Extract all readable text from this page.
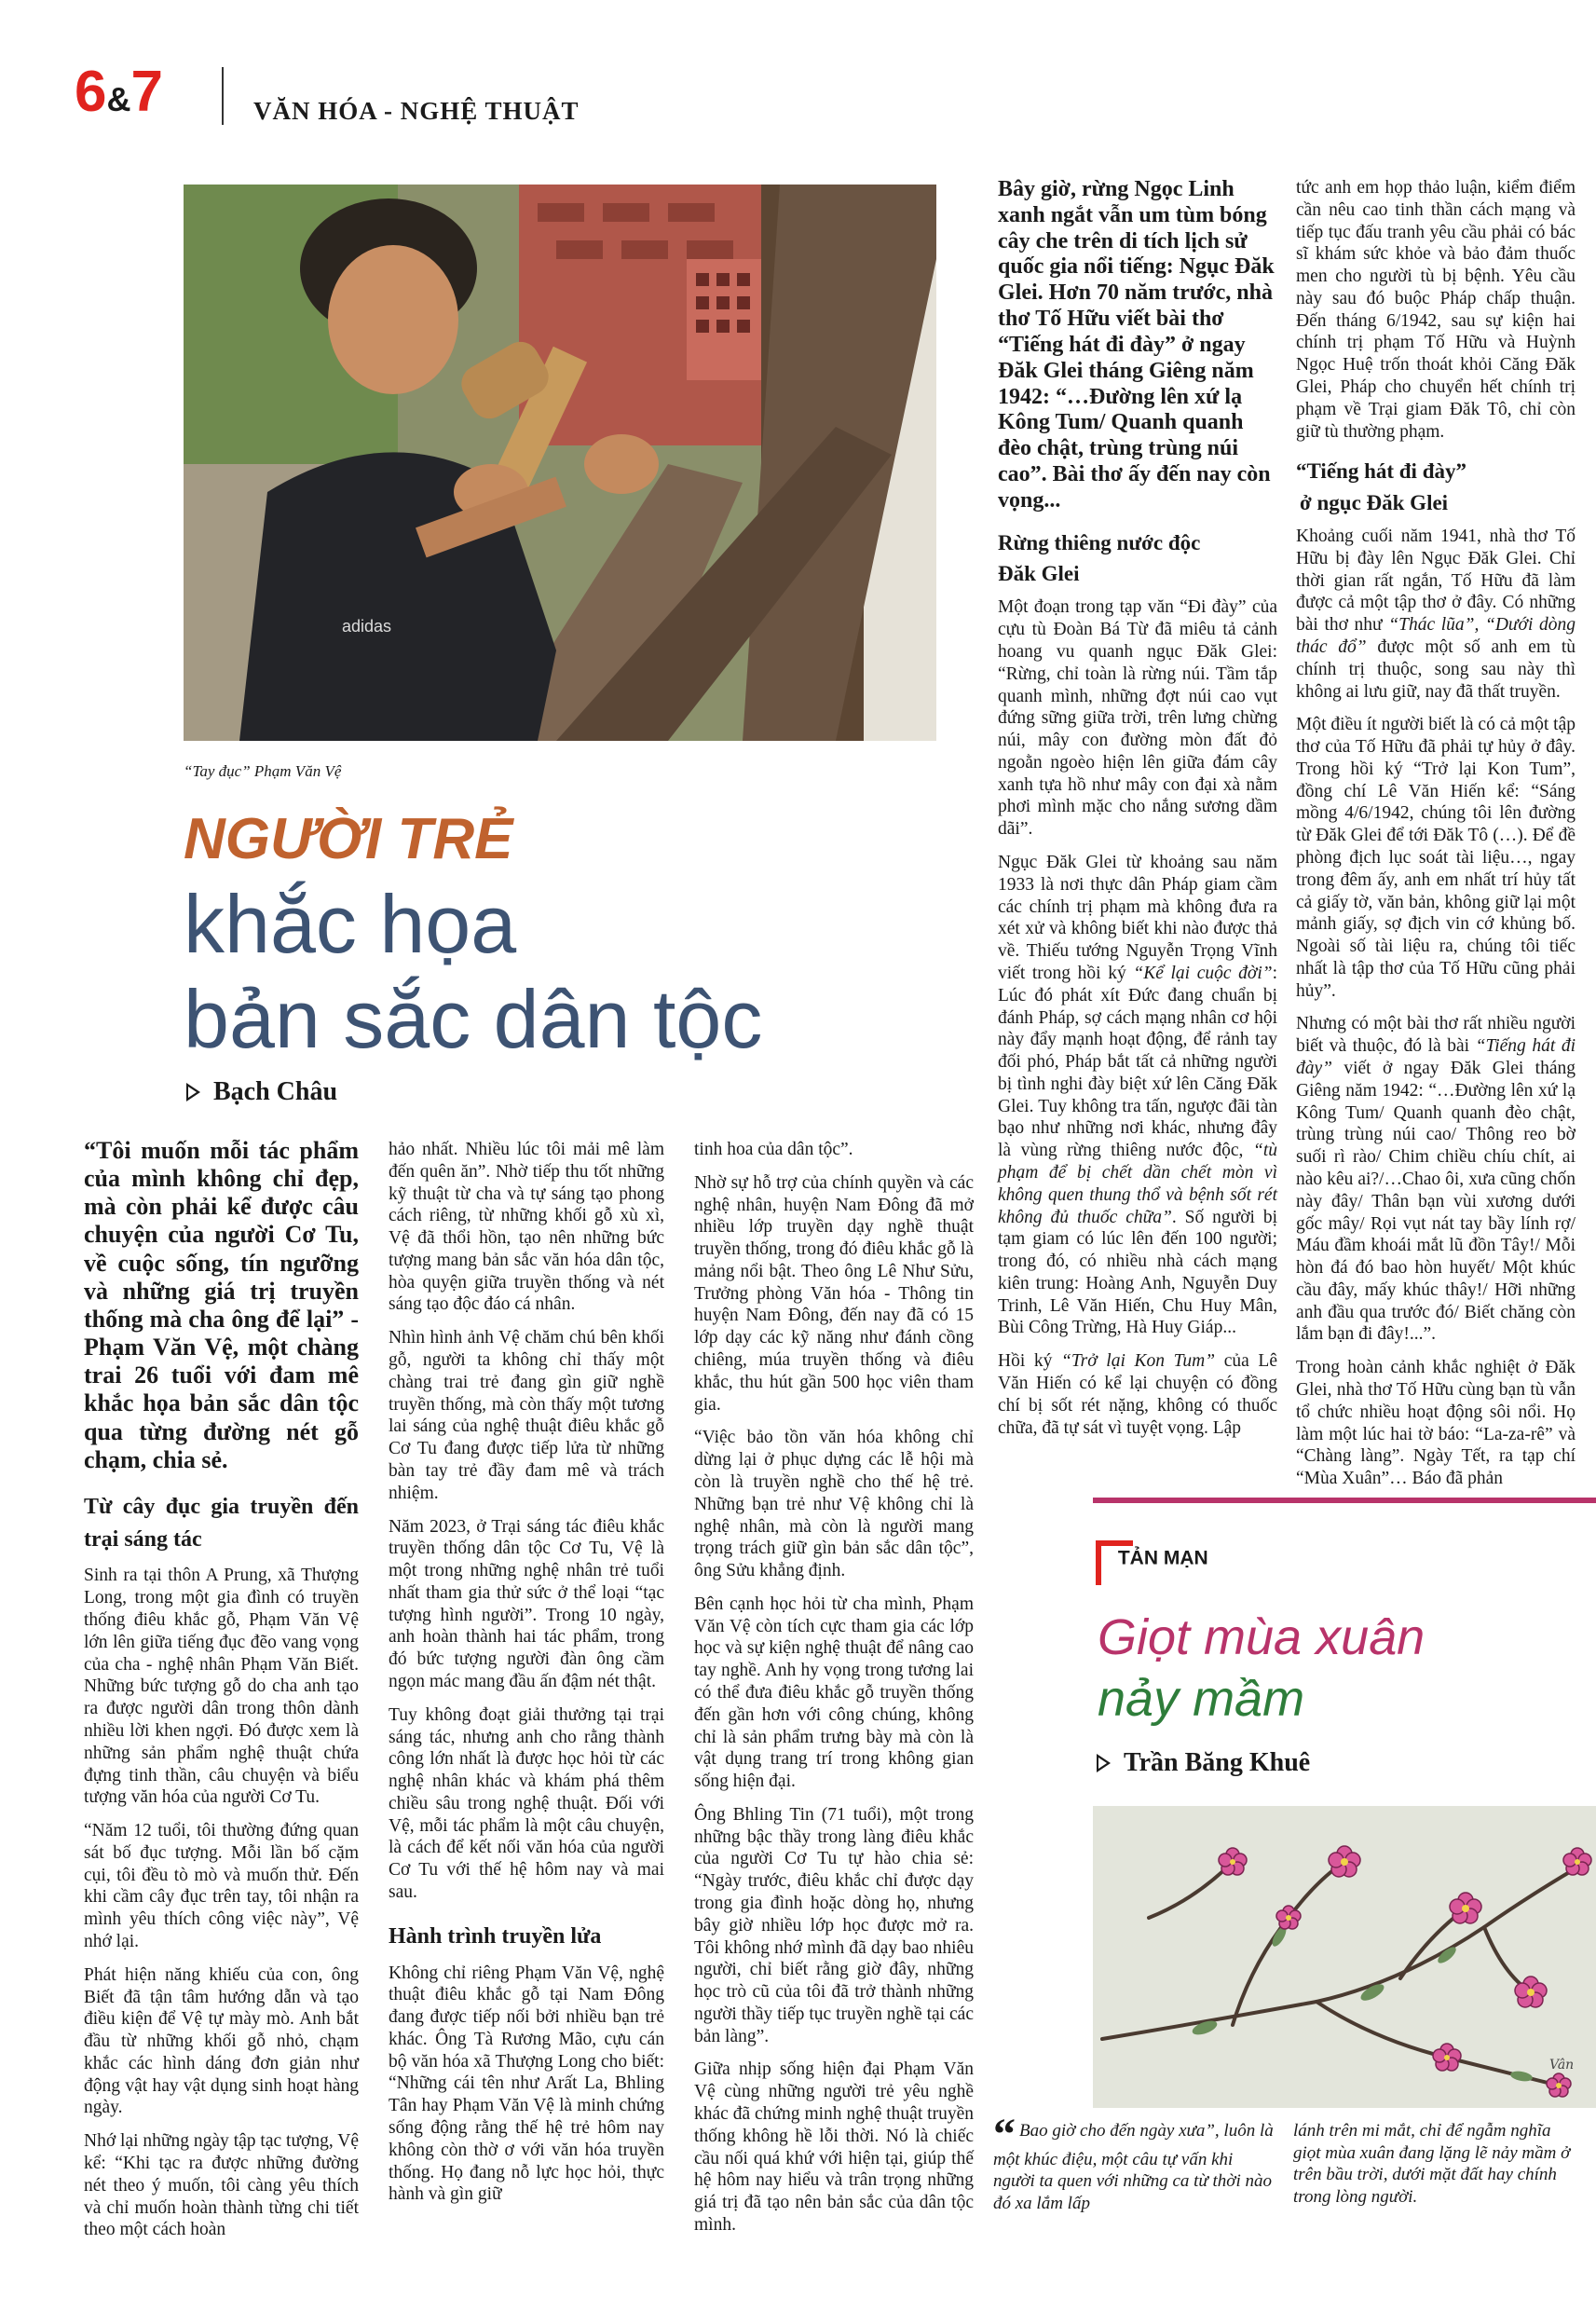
6&7	VĂN HÓA - NGHỆ THUẬT
adidas
“Tay đục” Phạm Văn Vệ
NGƯỜI TRẺ
khắc họa
bản sắc dân tộc
Bạch Châu

“Tôi muốn mỗi tác phẩm của mình không chỉ đẹp, mà còn phải kể được câu chuyện của người Cơ Tu, về cuộc sống, tín ngưỡng và những giá trị truyền thống mà cha ông để lại” - Phạm Văn Vệ, một chàng trai 26 tuổi với đam mê khắc họa bản sắc dân tộc qua từng đường nét gỗ chạm, chia sẻ.

Từ cây đục gia truyền đến trại sáng tác

Sinh ra tại thôn A Prung, xã Thượng Long, trong một gia đình có truyền thống điêu khắc gỗ, Phạm Văn Vệ lớn lên giữa tiếng đục đẽo vang vọng của cha - nghệ nhân Phạm Văn Biết. Những bức tượng gỗ do cha anh tạo ra được người dân trong thôn dành nhiều lời khen ngợi. Đó được xem là những sản phẩm nghệ thuật chứa đựng tinh thần, câu chuyện và biểu tượng văn hóa của người Cơ Tu.

“Năm 12 tuổi, tôi thường đứng quan sát bố đục tượng. Mỗi lần bố cặm cụi, tôi đều tò mò và muốn thử. Đến khi cầm cây đục trên tay, tôi nhận ra mình yêu thích công việc này”, Vệ nhớ lại.

Phát hiện năng khiếu của con, ông Biết đã tận tâm hướng dẫn và tạo điều kiện để Vệ tự mày mò. Anh bắt đầu từ những khối gỗ nhỏ, chạm khắc các hình dáng đơn giản như động vật hay vật dụng sinh hoạt hàng ngày.

Nhớ lại những ngày tập tạc tượng, Vệ kể: “Khi tạc ra được những đường nét theo ý muốn, tôi càng yêu thích và chỉ muốn hoàn thành từng chi tiết theo một cách hoàn

hảo nhất. Nhiều lúc tôi mải mê làm đến quên ăn”. Nhờ tiếp thu tốt những kỹ thuật từ cha và tự sáng tạo phong cách riêng, từ những khối gỗ xù xì, Vệ đã thổi hồn, tạo nên những bức tượng mang bản sắc văn hóa dân tộc, hòa quyện giữa truyền thống và nét sáng tạo độc đáo cá nhân.

Nhìn hình ảnh Vệ chăm chú bên khối gỗ, người ta không chỉ thấy một chàng trai trẻ đang gìn giữ nghề truyền thống, mà còn thấy một tương lai sáng của nghệ thuật điêu khắc gỗ Cơ Tu đang được tiếp lửa từ những bàn tay trẻ đầy đam mê và trách nhiệm.

Năm 2023, ở Trại sáng tác điêu khắc truyền thống dân tộc Cơ Tu, Vệ là một trong những nghệ nhân trẻ tuổi nhất tham gia thử sức ở thể loại “tạc tượng hình người”. Trong 10 ngày, anh hoàn thành hai tác phẩm, trong đó bức tượng người đàn ông cầm ngọn mác mang đầu ấn đậm nét thật.

Tuy không đoạt giải thưởng tại trại sáng tác, nhưng anh cho rằng thành công lớn nhất là được học hỏi từ các nghệ nhân khác và khám phá thêm chiều sâu trong nghệ thuật. Đối với Vệ, mỗi tác phẩm là một câu chuyện, là cách để kết nối văn hóa của người Cơ Tu với thế hệ hôm nay và mai sau.

Hành trình truyền lửa

Không chỉ riêng Phạm Văn Vệ, nghệ thuật điêu khắc gỗ tại Nam Đông đang được tiếp nối bởi nhiều bạn trẻ khác. Ông Tà Rương Mão, cựu cán bộ văn hóa xã Thượng Long cho biết: “Những cái tên như Arất La, Bhling Tân hay Phạm Văn Vệ là minh chứng sống động rằng thế hệ trẻ hôm nay không còn thờ ơ với văn hóa truyền thống. Họ đang nỗ lực học hỏi, thực hành và gìn giữ

tinh hoa của dân tộc”.

Nhờ sự hỗ trợ của chính quyền và các nghệ nhân, huyện Nam Đông đã mở nhiều lớp truyền dạy nghề thuật truyền thống, trong đó điêu khắc gỗ là mảng nổi bật. Theo ông Lê Như Sửu, Trưởng phòng Văn hóa - Thông tin huyện Nam Đông, đến nay đã có 15 lớp dạy các kỹ năng như đánh cồng chiêng, múa truyền thống và điêu khắc, thu hút gần 500 học viên tham gia.

“Việc bảo tồn văn hóa không chỉ dừng lại ở phục dựng các lễ hội mà còn là truyền nghề cho thế hệ trẻ. Những bạn trẻ như Vệ không chỉ là nghệ nhân, mà còn là người mang trọng trách giữ gìn bản sắc dân tộc”, ông Sửu khẳng định.

Bên cạnh học hỏi từ cha mình, Phạm Văn Vệ còn tích cực tham gia các lớp học và sự kiện nghệ thuật để nâng cao tay nghề. Anh hy vọng trong tương lai có thể đưa điêu khắc gỗ truyền thống đến gần hơn với công chúng, không chỉ là sản phẩm trưng bày mà còn là vật dụng trang trí trong không gian sống hiện đại.

Ông Bhling Tin (71 tuổi), một trong những bậc thầy trong làng điêu khắc của người Cơ Tu tự hào chia sẻ: “Ngày trước, điêu khắc chỉ được dạy trong gia đình hoặc dòng họ, nhưng bây giờ nhiều lớp học được mở ra. Tôi không nhớ mình đã dạy bao nhiêu người, chỉ biết rằng giờ đây, những học trò cũ của tôi đã trở thành những người thầy tiếp tục truyền nghề tại các bản làng”.

Giữa nhịp sống hiện đại Phạm Văn Vệ cùng những người trẻ yêu nghề khác đã chứng minh nghệ thuật truyền thống không hề lỗi thời. Nó là chiếc cầu nối quá khứ với hiện tại, giúp thế hệ hôm nay hiểu và trân trọng những giá trị đã tạo nên bản sắc của dân tộc mình.

Bây giờ, rừng Ngọc Linh xanh ngắt vẫn um tùm bóng cây che trên di tích lịch sử quốc gia nổi tiếng: Ngục Đăk Glei. Hơn 70 năm trước, nhà thơ Tố Hữu viết bài thơ “Tiếng hát đi đày” ở ngay Đăk Glei tháng Giêng năm 1942: “…Đường lên xứ lạ Kông Tum/ Quanh quanh đèo chật, trùng trùng núi cao”. Bài thơ ấy đến nay còn vọng...

Rừng thiêng nước độc
Đăk Glei

Một đoạn trong tạp văn “Đi đày” của cựu tù Đoàn Bá Từ đã miêu tả cảnh hoang vu quanh ngục Đăk Glei: “Rừng, chỉ toàn là rừng núi. Tầm tắp quanh mình, những đợt núi cao vụt đứng sững giữa trời, trên lưng chừng núi, mây con đường mòn đất đỏ ngoằn ngoèo hiện lên giữa đám cây xanh tựa hồ như mây con đại xà nằm phơi mình mặc cho nắng sương dầm dãi”.

Ngục Đăk Glei từ khoảng sau năm 1933 là nơi thực dân Pháp giam cầm các chính trị phạm mà không đưa ra xét xử và không biết khi nào được thả về. Thiếu tướng Nguyễn Trọng Vĩnh viết trong hồi ký “Kể lại cuộc đời”: Lúc đó phát xít Đức đang chuẩn bị đánh Pháp, sợ cách mạng nhân cơ hội này đẩy mạnh hoạt động, để rảnh tay đối phó, Pháp bắt tất cả những người bị tình nghi đày biệt xứ lên Căng Đăk Glei. Tuy không tra tấn, ngược đãi tàn bạo như những nơi khác, nhưng đây là vùng rừng thiêng nước độc, “tù phạm để bị chết dần chết mòn vì không quen thung thổ và bệnh sốt rét không đủ thuốc chữa”. Số người bị tạm giam có lúc lên đến 100 người; trong đó, có nhiều nhà cách mạng kiên trung: Hoàng Anh, Nguyễn Duy Trinh, Lê Văn Hiến, Chu Huy Mân, Bùi Công Trừng, Hà Huy Giáp...

Hồi ký “Trở lại Kon Tum” của Lê Văn Hiến có kể lại chuyện có đồng chí bị sốt rét nặng, không có thuốc chữa, đã tự sát vì tuyệt vọng. Lập

tức anh em họp thảo luận, kiểm điểm cần nêu cao tinh thần cách mạng và tiếp tục đấu tranh yêu cầu phải có bác sĩ khám sức khỏe và bảo đảm thuốc men cho người tù bị bệnh. Yêu cầu này sau đó buộc Pháp chấp thuận. Đến tháng 6/1942, sau sự kiện hai chính trị phạm Tố Hữu và Huỳnh Ngọc Huệ trốn thoát khỏi Căng Đăk Glei, Pháp cho chuyển hết chính trị phạm về Trại giam Đăk Tô, chỉ còn giữ tù thường phạm.

“Tiếng hát đi đày”
ở ngục Đăk Glei

Khoảng cuối năm 1941, nhà thơ Tố Hữu bị đày lên Ngục Đăk Glei. Chỉ thời gian rất ngắn, Tố Hữu đã làm được cả một tập thơ ở đây. Có những bài thơ như “Thác lũa”, “Dưới dòng thác đổ” được một số anh em tù chính trị thuộc, song sau này thì không ai lưu giữ, nay đã thất truyền.

Một điều ít người biết là có cả một tập thơ của Tố Hữu đã phải tự hủy ở đây. Trong hồi ký “Trở lại Kon Tum”, đồng chí Lê Văn Hiến kể: “Sáng mồng 4/6/1942, chúng tôi lên đường từ Đăk Glei để tới Đăk Tô (…). Để đề phòng địch lục soát tài liệu…, ngay trong đêm ấy, anh em nhất trí hủy tất cả giấy tờ, văn bản, không giữ lại một mảnh giấy, sợ địch vin cớ khủng bố. Ngoài số tài liệu ra, chúng tôi tiếc nhất là tập thơ của Tố Hữu cũng phải hủy”.

Nhưng có một bài thơ rất nhiều người biết và thuộc, đó là bài “Tiếng hát đi đày” viết ở ngay Đăk Glei tháng Giêng năm 1942: “…Đường lên xứ lạ Kông Tum/ Quanh quanh đèo chật, trùng trùng núi cao/ Thông reo bờ suối rì rào/ Chim chiều chíu chít, ai nào kêu ai?/…Chao ôi, xưa cũng chốn này đây/ Thân bạn vùi xương dưới gốc mây/ Rọi vụt nát tay bầy lính rợ/ Máu đầm khoái mắt lũ đồn Tây!/ Mỗi hòn đá đó bao hòn huyết/ Một khúc cầu đây, mấy khúc thây!/ Hỡi những anh đầu qua trước đó/ Biết chăng còn lắm bạn đi đây!...”.

Trong hoàn cảnh khắc nghiệt ở Đăk Glei, nhà thơ Tố Hữu cùng bạn tù vẫn tổ chức nhiều hoạt động sôi nổi. Họ làm một lúc hai tờ báo: “La-za-rê” và “Chàng làng”. Ngày Tết, ra tạp chí “Mùa Xuân”… Báo đã phản

TẢN MẠN
Giọt mùa xuân
nảy mầm
Trần Băng Khuê
Vân
“ Bao giờ cho đến ngày xưa”, luôn là một khúc điệu, một câu tự vấn khi người ta quen với những ca từ thời nào đó xa lắm lấp
lánh trên mi mắt, chỉ để ngẫm nghĩa giọt mùa xuân đang lặng lẽ nảy mầm ở trên bầu trời, dưới mặt đất hay chính trong lòng người.
